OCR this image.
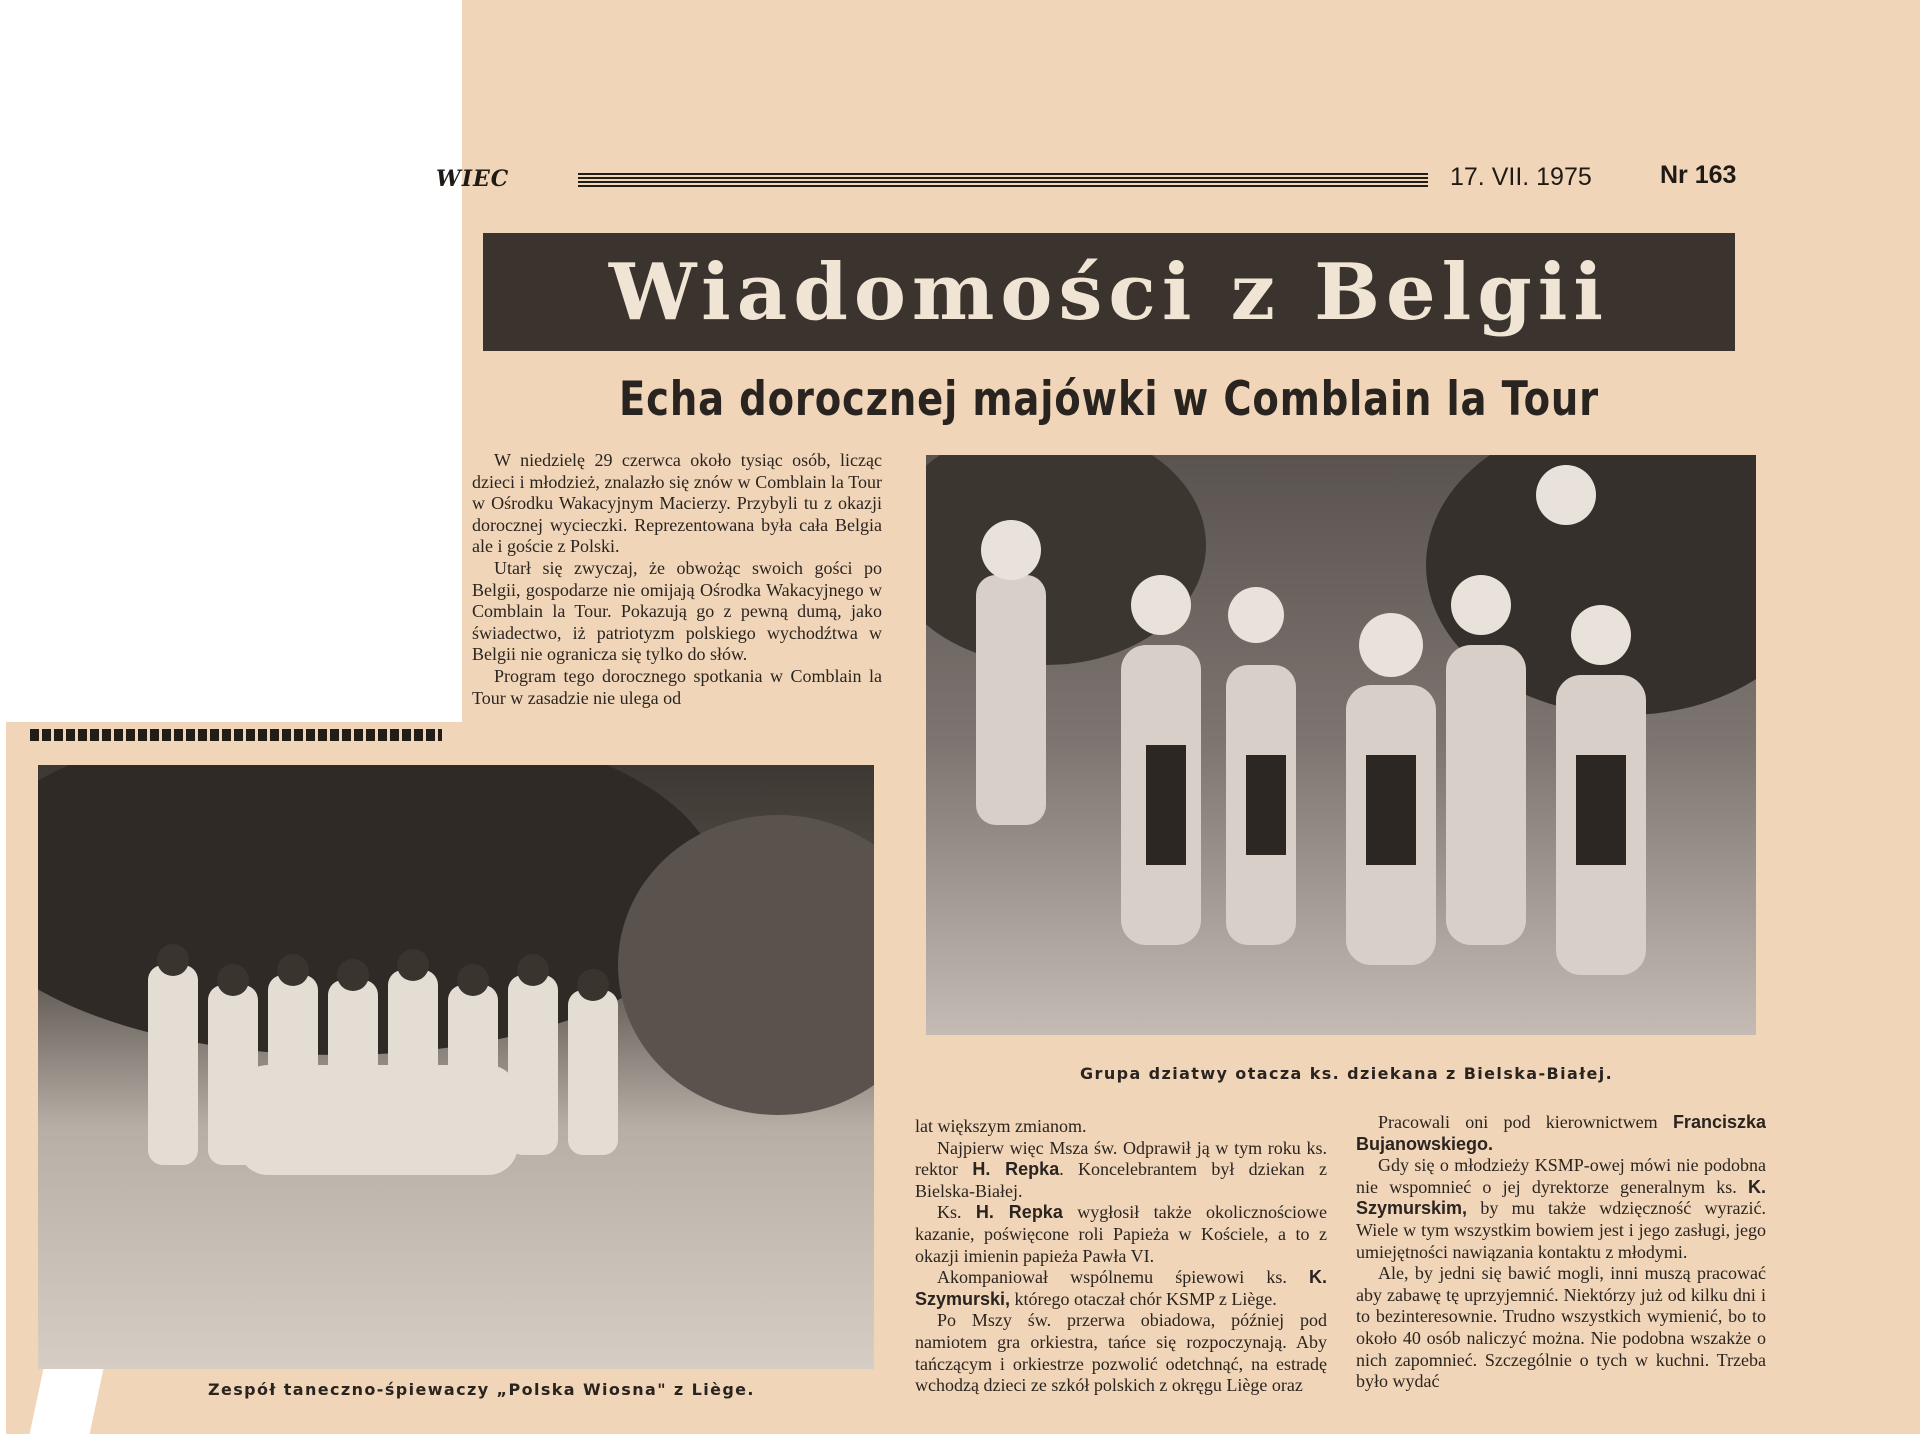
WIEC	17. VII. 1975	Nr 163
Wiadomości z Belgii
Echa dorocznej majówki w Comblain la Tour

W niedzielę 29 czerwca około tysiąc osób, licząc dzieci i młodzież, znalazło się znów w Comblain la Tour w Ośrodku Wakacyjnym Macierzy. Przybyli tu z okazji dorocznej wycieczki. Reprezentowana była cała Belgia ale i goście z Polski.

Utarł się zwyczaj, że obwożąc swoich gości po Belgii, gospodarze nie omijają Ośrodka Wakacyjnego w Comblain la Tour. Pokazują go z pewną dumą, jako świadectwo, iż patriotyzm polskiego wychodźtwa w Belgii nie ogranicza się tylko do słów.

Program tego dorocznego spotkania w Comblain la Tour w zasadzie nie ulega od

Grupa dziatwy otacza ks. dziekana z Bielska-Białej.
Zespół taneczno-śpiewaczy „Polska Wiosna" z Liège.

lat większym zmianom.

Najpierw więc Msza św. Odprawił ją w tym roku ks. rektor H. Repka. Koncelebrantem był dziekan z Bielska-Białej.

Ks. H. Repka wygłosił także okolicznościowe kazanie, poświęcone roli Papieża w Kościele, a to z okazji imienin papieża Pawła VI.

Akompaniował wspólnemu śpiewowi ks. K. Szymurski, którego otaczał chór KSMP z Liège.

Po Mszy św. przerwa obiadowa, później pod namiotem gra orkiestra, tańce się rozpoczynają. Aby tańczącym i orkiestrze pozwolić odetchnąć, na estradę wchodzą dzieci ze szkół polskich z okręgu Liège oraz

Pracowali oni pod kierownictwem Franciszka Bujanowskiego.

Gdy się o młodzieży KSMP-owej mówi nie podobna nie wspomnieć o jej dyrektorze generalnym ks. K. Szymurskim, by mu także wdzięczność wyrazić. Wiele w tym wszystkim bowiem jest i jego zasługi, jego umiejętności nawiązania kontaktu z młodymi.

Ale, by jedni się bawić mogli, inni muszą pracować aby zabawę tę uprzyjemnić. Niektórzy już od kilku dni i to bezinteresownie. Trudno wszystkich wymienić, bo to około 40 osób naliczyć można. Nie podobna wszakże o nich zapomnieć. Szczególnie o tych w kuchni. Trzeba było wydać
